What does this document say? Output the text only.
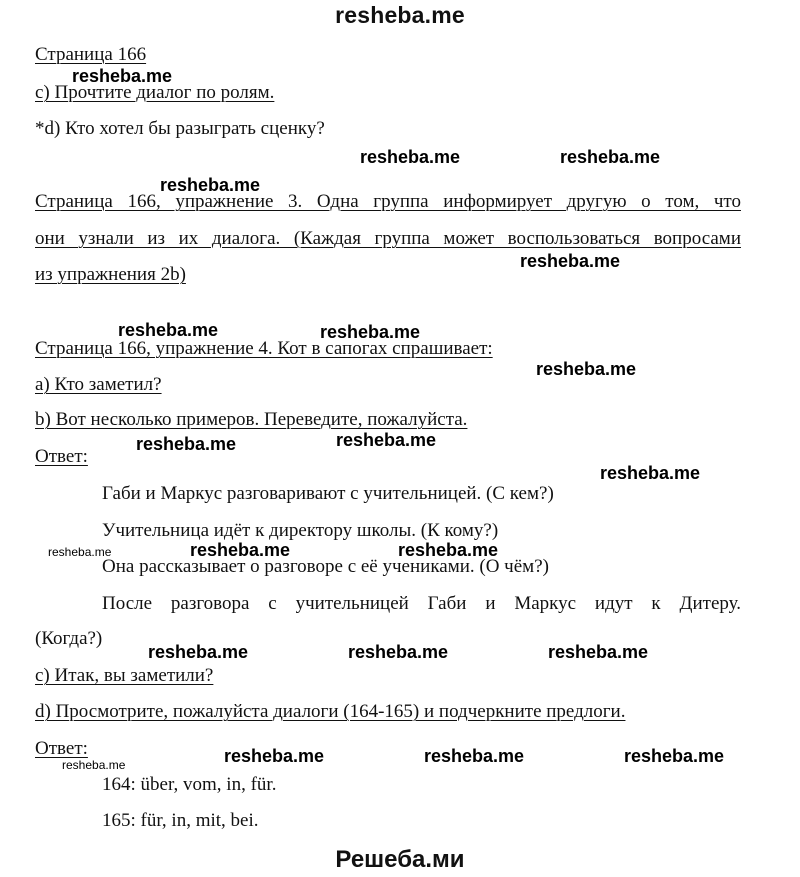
resheba.me
Страница 166
c) Прочтите диалог по ролям.
*d) Кто хотел бы разыграть сценку?
Страница 166, упражнение 3. Одна группа информирует другую о том, что
они узнали из их диалога. (Каждая группа может воспользоваться вопросами
из упражнения 2b)
Страница 166, упражнение 4. Кот в сапогах спрашивает:
a) Кто заметил?
b) Вот несколько примеров. Переведите, пожалуйста.
Ответ:
Габи и Маркус разговаривают с учительницей. (С кем?)
Учительница идёт к директору школы. (К кому?)
Она рассказывает о разговоре с её учениками. (О чём?)
После разговора с учительницей Габи и Маркус идут к Дитеру.
(Когда?)
c) Итак, вы заметили?
d) Просмотрите, пожалуйста диалоги (164-165) и подчеркните предлоги.
Ответ:
164: über, vom, in, für.
165: für, in, mit, bei.
resheba.me
resheba.me	resheba.me
resheba.me
resheba.me
resheba.me	resheba.me
resheba.me
resheba.me	resheba.me
resheba.me
resheba.me	resheba.me	resheba.me
resheba.me	resheba.me	resheba.me
resheba.me	resheba.me	resheba.me	resheba.me
Решеба.ми
